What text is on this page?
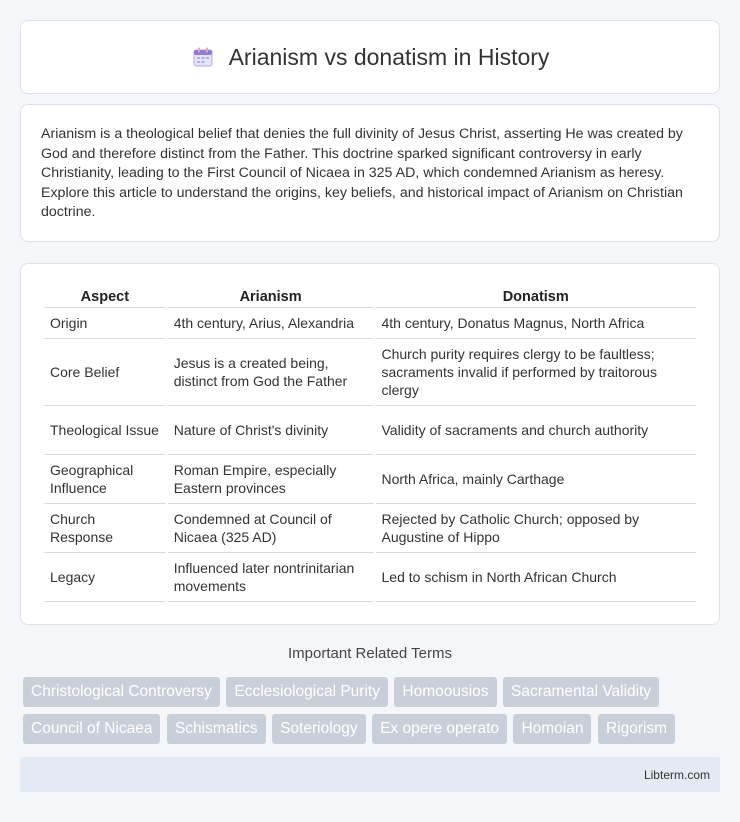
Arianism vs donatism in History

Arianism is a theological belief that denies the full divinity of Jesus Christ, asserting He was created by God and therefore distinct from the Father. This doctrine sparked significant controversy in early Christianity, leading to the First Council of Nicaea in 325 AD, which condemned Arianism as heresy. Explore this article to understand the origins, key beliefs, and historical impact of Arianism on Christian doctrine.

Aspect	Arianism	Donatism
Origin	4th century, Arius, Alexandria	4th century, Donatus Magnus, North Africa
Core Belief	Jesus is a created being, distinct from God the Father	Church purity requires clergy to be faultless; sacraments invalid if performed by traitorous clergy
Theological Issue	Nature of Christ's divinity	Validity of sacraments and church authority
Geographical Influence	Roman Empire, especially Eastern provinces	North Africa, mainly Carthage
Church Response	Condemned at Council of Nicaea (325 AD)	Rejected by Catholic Church; opposed by Augustine of Hippo
Legacy	Influenced later nontrinitarian movements	Led to schism in North African Church
Important Related Terms
Christological Controversy Ecclesiological Purity Homoousios Sacramental Validity
Council of Nicaea Schismatics Soteriology Ex opere operato Homoian Rigorism
Libterm.com
